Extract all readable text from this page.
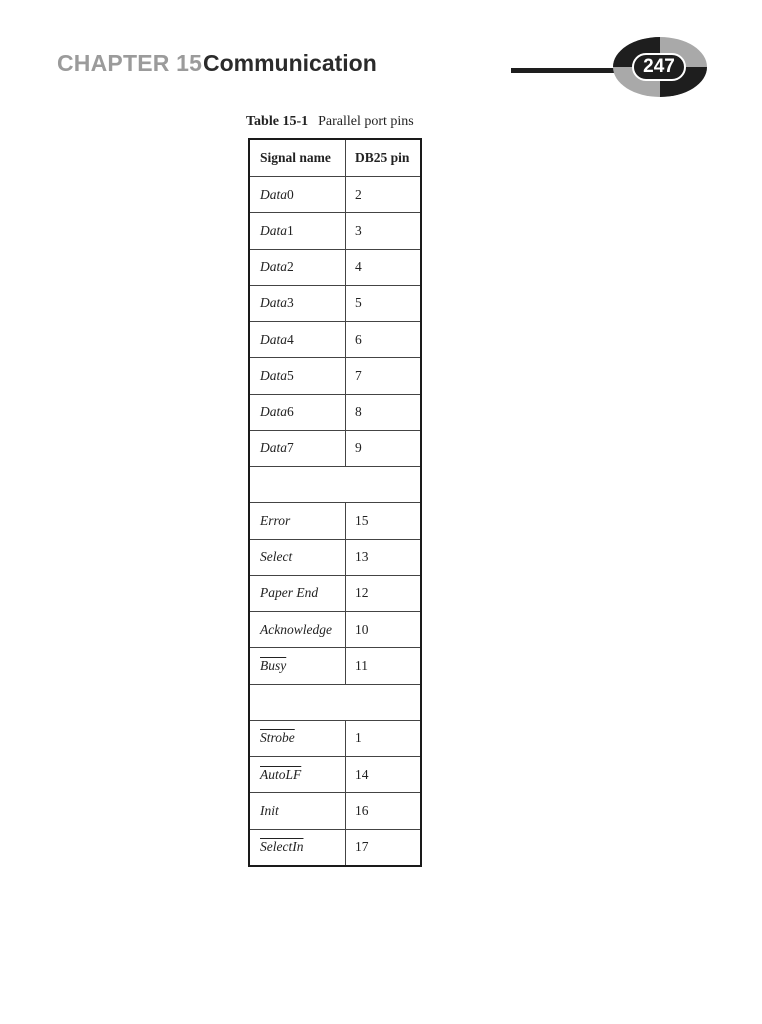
CHAPTER 15 Communication	247
Table 15-1 Parallel port pins
Signal name	DB25 pin
Data 0	2
Data 1	3
Data 2	4
Data 3	5
Data 4	6
Data 5	7
Data 6	8
Data 7	9
Error	15
Select	13
Paper End	12
Acknowledge	10
Busy	11
Strobe	1
AutoLF	14
Init	16
SelectIn	17
